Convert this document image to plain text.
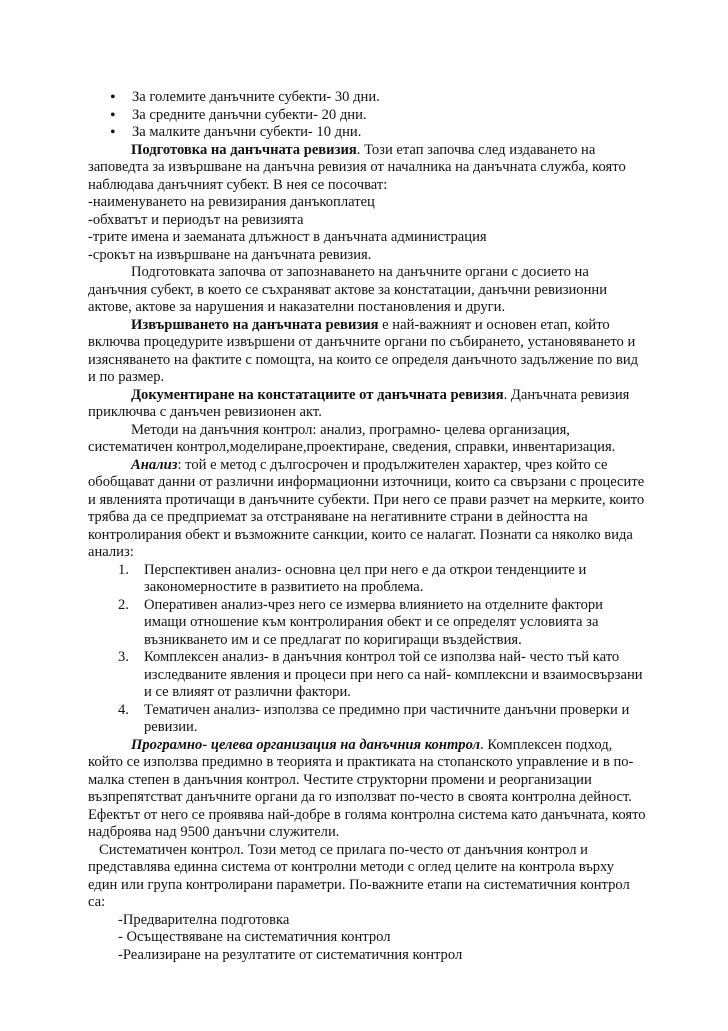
• За големите данъчните субекти- 30 дни.
• За средните данъчни субекти- 20 дни.
• За малките данъчни субекти- 10 дни.

Подготовка на данъчната ревизия. Този етап започва след издаването на заповедта за извършване на данъчна ревизия от началника на данъчната служба, която наблюдава данъчният субект. В нея се посочват:

-наименуването на ревизирания данъкоплатец

-обхватът и периодът на ревизията

-трите имена и заеманата длъжност в данъчната администрация

-срокът на извършване на данъчната ревизия.

Подготовката започва от запознаването на данъчните органи с досието на данъчния субект, в което се съхраняват актове за констатации, данъчни ревизионни актове, актове за нарушения и наказателни постановления и други.

Извършването на данъчната ревизия е най-важният и основен етап, който включва процедурите извършени от данъчните органи по събирането, установяването и изясняването на фактите с помощта, на които се определя данъчното задължение по вид и по размер.

Документиране на констатациите от данъчната ревизия. Данъчната ревизия приключва с данъчен ревизионен акт.

Методи на данъчния контрол: анализ, програмно- целева организация, систематичен контрол,моделиране,проектиране, сведения, справки, инвентаризация.

Анализ: той е метод с дългосрочен и продължителен характер, чрез който се обобщават данни от различни информационни източници, които са свързани с процесите и явленията протичащи в данъчните субекти. При него се прави разчет на мерките, които трябва да се предприемат за отстраняване на негативните страни в дейността на контролирания обект и възможните санкции, които се налагат. Познати са няколко вида анализ:

1. Перспективен анализ- основна цел при него е да открои тенденциите и закономерностите в развитието на проблема.
2. Оперативен анализ-чрез него се измерва влиянието на отделните фактори имащи отношение към контролирания обект и се определят условията за възникването им и се предлагат по коригиращи въздействия.
3. Комплексен анализ- в данъчния контрол той се използва най- често тъй като изследваните явления и процеси при него са най- комплексни и взаимосвързани и се влияят от различни фактори.
4. Тематичен анализ- използва се предимно при частичните данъчни проверки и ревизии.

Програмно- целева организация на данъчния контрол. Комплексен подход, който се използва предимно в теорията и практиката на стопанското управление и в по- малка степен в данъчния контрол. Честите структорни промени и реорганизации възпрепятстват данъчните органи да го използват по-често в своята контролна дейност. Ефектът от него се проявява най-добре в голяма контролна система като данъчната, която надброява над 9500 данъчни служители.

Систематичен контрол. Този метод се прилага по-често от данъчния контрол и представлява единна система от контролни методи с оглед целите на контрола върху един или група контролирани параметри. По-важните етапи на систематичния контрол са:

-Предварителна подготовка

- Осъществяване на систематичния контрол

-Реализиране на резултатите от систематичния контрол
